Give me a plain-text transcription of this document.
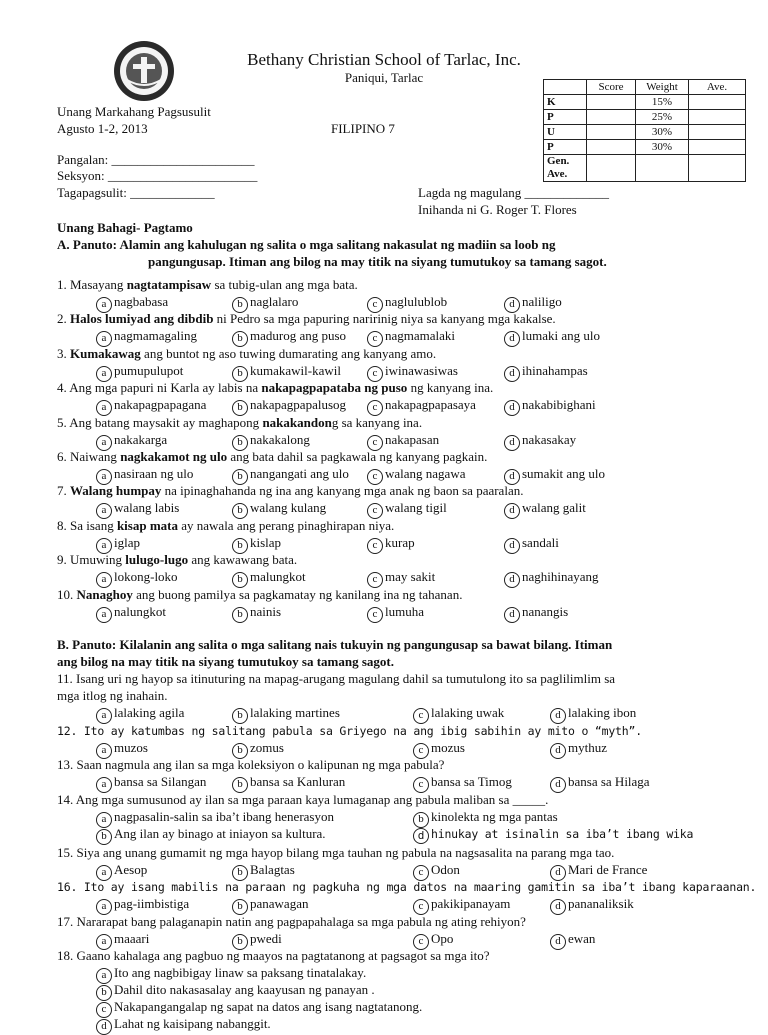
Bethany Christian School of Tarlac, Inc.
Paniqui, Tarlac
Unang Markahang Pagsusulit
Agusto 1-2, 2013	FILIPINO 7
Pangalan: ______________________
Seksyon: _______________________
Tagapagsulit: _____________	Lagda ng magulang _____________
Inihanda ni G. Roger T. Flores
	Score	Weight	Ave.
K		15%	
P		25%	
U		30%	
P		30%	
Gen. Ave.			
Unang Bahagi- Pagtamo
A. Panuto: Alamin ang kahulugan ng salita o mga salitang nakasulat ng madiin sa loob ng
pangungusap. Itiman ang bilog na may titik na siyang tumutukoy sa tamang sagot.
1. Masayang nagtatampisaw sa tubig-ulan ang mga bata.
a nagbabasa	b naglalaro	c naglulublob	d naliligo
2. Halos lumiyad ang dibdib ni Pedro sa mga papuring naririnig niya sa kanyang mga kakalse.
a nagmamagaling	b madurog ang puso	c nagmamalaki	d lumaki ang ulo
3. Kumakawag ang buntot ng aso tuwing dumarating ang kanyang amo.
a pumupulupot	b kumakawil-kawil	c iwinawasiwas	d ihinahampas
4. Ang mga papuri ni Karla ay labis na nakapagpapataba ng puso ng kanyang ina.
a nakapagpapagana	b nakapagpapalusog	c nakapagpapasaya	d nakabibighani
5. Ang batang maysakit ay maghapong nakakandong sa kanyang ina.
a nakakarga	b nakakalong	c nakapasan	d nakasakay
6. Naiwang nagkakamot ng ulo ang bata dahil sa pagkawala ng kanyang pagkain.
a nasiraan ng ulo	b nangangati ang ulo	c walang nagawa	d sumakit ang ulo
7. Walang humpay na ipinaghahanda ng ina ang kanyang mga anak ng baon sa paaralan.
a walang labis	b walang kulang	c walang tigil	d walang galit
8. Sa isang kisap mata ay nawala ang perang pinaghirapan niya.
a iglap	b kislap	c kurap	d sandali
9. Umuwing lulugo-lugo ang kawawang bata.
a lokong-loko	b malungkot	c may sakit	d naghihinayang
10. Nanaghoy ang buong pamilya sa pagkamatay ng kanilang ina ng tahanan.
a nalungkot	b nainis	c lumuha	d nanangis
B. Panuto: Kilalanin ang salita o mga salitang nais tukuyin ng pangungusap sa bawat bilang. Itiman
ang bilog na may titik na siyang tumutukoy sa tamang sagot.
11. Isang uri ng hayop sa itinuturing na mapag-arugang magulang dahil sa tumutulong ito sa paglilimlim sa
mga itlog ng inahain.
a lalaking agila	b lalaking martines	c lalaking uwak	d lalaking ibon
12. Ito ay katumbas ng salitang pabula sa Griyego na ang ibig sabihin ay mito o “myth”.
a muzos	b zomus	c mozus	d mythuz
13. Saan nagmula ang ilan sa mga koleksiyon o kalipunan ng mga pabula?
a bansa sa Silangan	b bansa sa Kanluran	c bansa sa Timog	d bansa sa Hilaga
14. Ang mga sumusunod ay ilan sa mga paraan kaya lumaganap ang pabula maliban sa _____.
a nagpasalin-salin sa iba’t ibang henerasyon	b kinolekta ng mga pantas
b Ang ilan ay binago at iniayon sa kultura.	d hinukay at isinalin sa iba’t ibang wika
15. Siya ang unang gumamit ng mga hayop bilang mga tauhan ng pabula na nagsasalita na parang mga tao.
a Aesop	b Balagtas	c Odon	d Mari de France
16. Ito ay isang mabilis na paraan ng pagkuha ng mga datos na maaring gamitin sa iba’t ibang kaparaanan.
a pag-iimbistiga	b panawagan	c pakikipanayam	d pananaliksik
17. Nararapat bang palaganapin natin ang pagpapahalaga sa mga pabula ng ating rehiyon?
a maaari	b pwedi	c Opo	d ewan
18. Gaano kahalaga ang pagbuo ng maayos na pagtatanong at pagsagot sa mga ito?
a Ito ang nagbibigay linaw sa paksang tinatalakay.
b Dahil dito nakasasalay ang kaayusan ng panayan .
c Nakapangangalap ng sapat na datos ang isang nagtatanong.
d Lahat ng kaisipang nabanggit.
